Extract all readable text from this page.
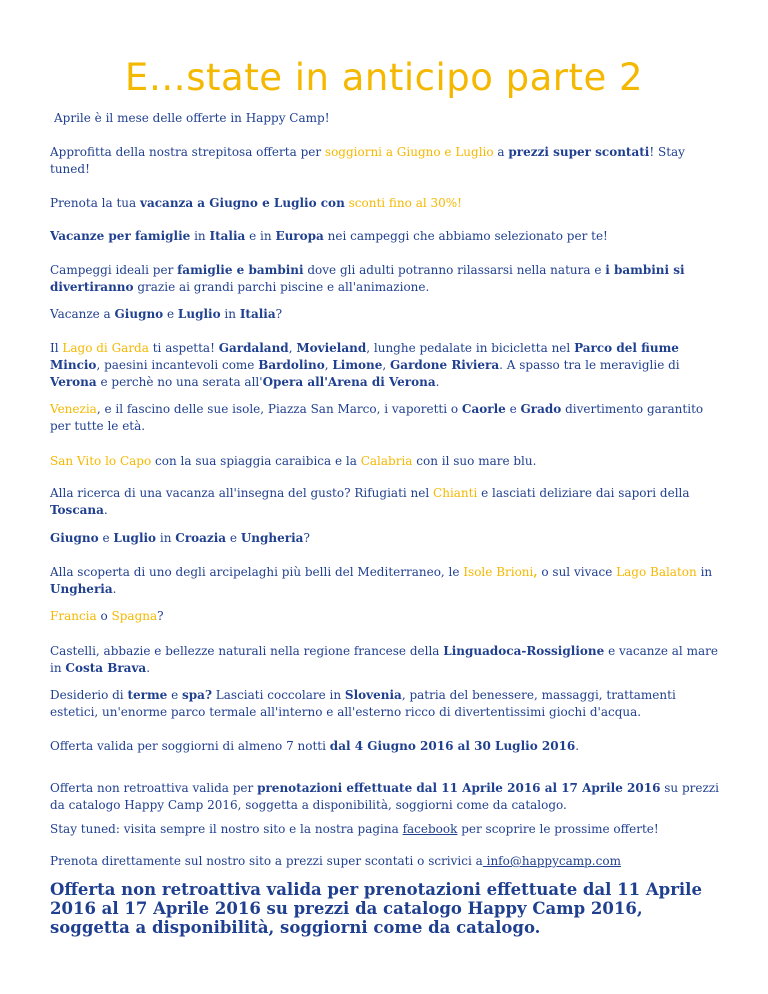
E…state in anticipo parte 2

Aprile è il mese delle offerte in Happy Camp!

Approfitta della nostra strepitosa offerta per soggiorni a Giugno e Luglio a prezzi super scontati! Stay tuned!

Prenota la tua vacanza a Giugno e Luglio con sconti fino al 30%!

Vacanze per famiglie in Italia e in Europa nei campeggi che abbiamo selezionato per te!

Campeggi ideali per famiglie e bambini dove gli adulti potranno rilassarsi nella natura e i bambini si divertiranno grazie ai grandi parchi piscine e all'animazione.

Vacanze a Giugno e Luglio in Italia?

Il Lago di Garda ti aspetta! Gardaland, Movieland, lunghe pedalate in bicicletta nel Parco del fiume Mincio, paesini incantevoli come Bardolino, Limone, Gardone Riviera. A spasso tra le meraviglie di Verona e perchè no una serata all'Opera all'Arena di Verona.

Venezia, e il fascino delle sue isole, Piazza San Marco, i vaporetti o Caorle e Grado divertimento garantito per tutte le età.

San Vito lo Capo con la sua spiaggia caraibica e la Calabria con il suo mare blu.

Alla ricerca di una vacanza all'insegna del gusto? Rifugiati nel Chianti e lasciati deliziare dai sapori della Toscana.

Giugno e Luglio in Croazia e Ungheria?

Alla scoperta di uno degli arcipelaghi più belli del Mediterraneo, le Isole Brioni, o sul vivace Lago Balaton in Ungheria.

Francia o Spagna?

Castelli, abbazie e bellezze naturali nella regione francese della Linguadoca-Rossiglione e vacanze al mare in Costa Brava.

Desiderio di terme e spa? Lasciati coccolare in Slovenia, patria del benessere, massaggi, trattamenti estetici, un'enorme parco termale all'interno e all'esterno ricco di divertentissimi giochi d'acqua.

Offerta valida per soggiorni di almeno 7 notti dal 4 Giugno 2016 al 30 Luglio 2016.

Offerta non retroattiva valida per prenotazioni effettuate dal 11 Aprile 2016 al 17 Aprile 2016 su prezzi da catalogo Happy Camp 2016, soggetta a disponibilità, soggiorni come da catalogo.

Stay tuned: visita sempre il nostro sito e la nostra pagina facebook per scoprire le prossime offerte!

Prenota direttamente sul nostro sito a prezzi super scontati o scrivici a info@happycamp.com

Offerta non retroattiva valida per prenotazioni effettuate dal 11 Aprile 2016 al 17 Aprile 2016 su prezzi da catalogo Happy Camp 2016, soggetta a disponibilità, soggiorni come da catalogo.
